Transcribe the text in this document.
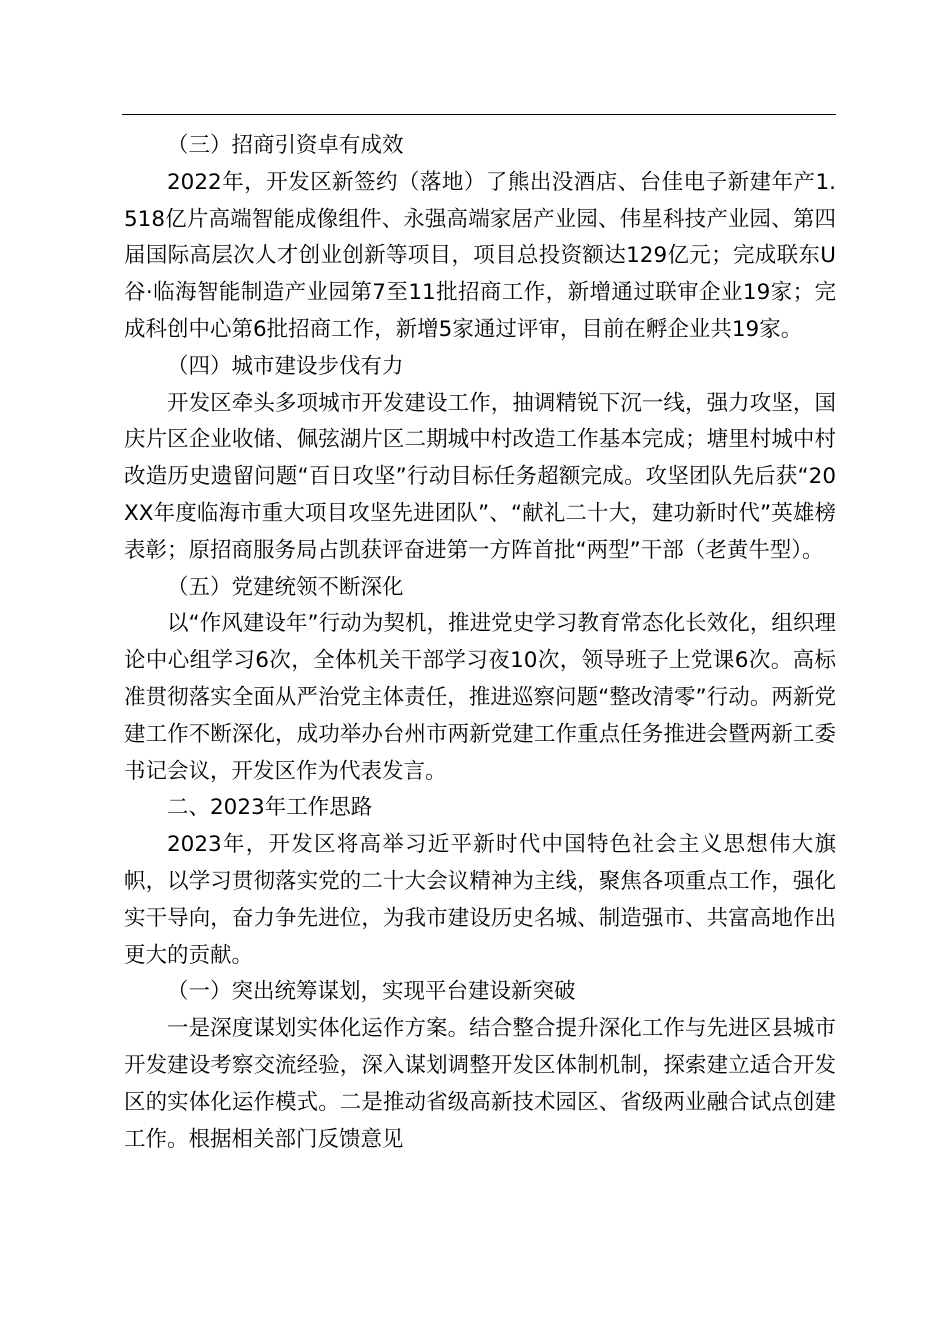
（三）招商引资卓有成效

2022年，开发区新签约（落地）了熊出没酒店、台佳电子新建年产1.518亿片高端智能成像组件、永强高端家居产业园、伟星科技产业园、第四届国际高层次人才创业创新等项目，项目总投资额达129亿元；完成联东U谷·临海智能制造产业园第7至11批招商工作，新增通过联审企业19家；完成科创中心第6批招商工作，新增5家通过评审，目前在孵企业共19家。

（四）城市建设步伐有力

开发区牵头多项城市开发建设工作，抽调精锐下沉一线，强力攻坚，国庆片区企业收储、佩弦湖片区二期城中村改造工作基本完成；塘里村城中村改造历史遗留问题“百日攻坚”行动目标任务超额完成。攻坚团队先后获“20XX年度临海市重大项目攻坚先进团队”、“献礼二十大，建功新时代”英雄榜表彰；原招商服务局占凯获评奋进第一方阵首批“两型”干部（老黄牛型）。

（五）党建统领不断深化

以“作风建设年”行动为契机，推进党史学习教育常态化长效化，组织理论中心组学习6次，全体机关干部学习夜10次，领导班子上党课6次。高标准贯彻落实全面从严治党主体责任，推进巡察问题“整改清零”行动。两新党建工作不断深化，成功举办台州市两新党建工作重点任务推进会暨两新工委书记会议，开发区作为代表发言。

二、2023年工作思路

2023年，开发区将高举习近平新时代中国特色社会主义思想伟大旗帜，以学习贯彻落实党的二十大会议精神为主线，聚焦各项重点工作，强化实干导向，奋力争先进位，为我市建设历史名城、制造强市、共富高地作出更大的贡献。

（一）突出统筹谋划，实现平台建设新突破

一是深度谋划实体化运作方案。结合整合提升深化工作与先进区县城市开发建设考察交流经验，深入谋划调整开发区体制机制，探索建立适合开发区的实体化运作模式。二是推动省级高新技术园区、省级两业融合试点创建工作。根据相关部门反馈意见
